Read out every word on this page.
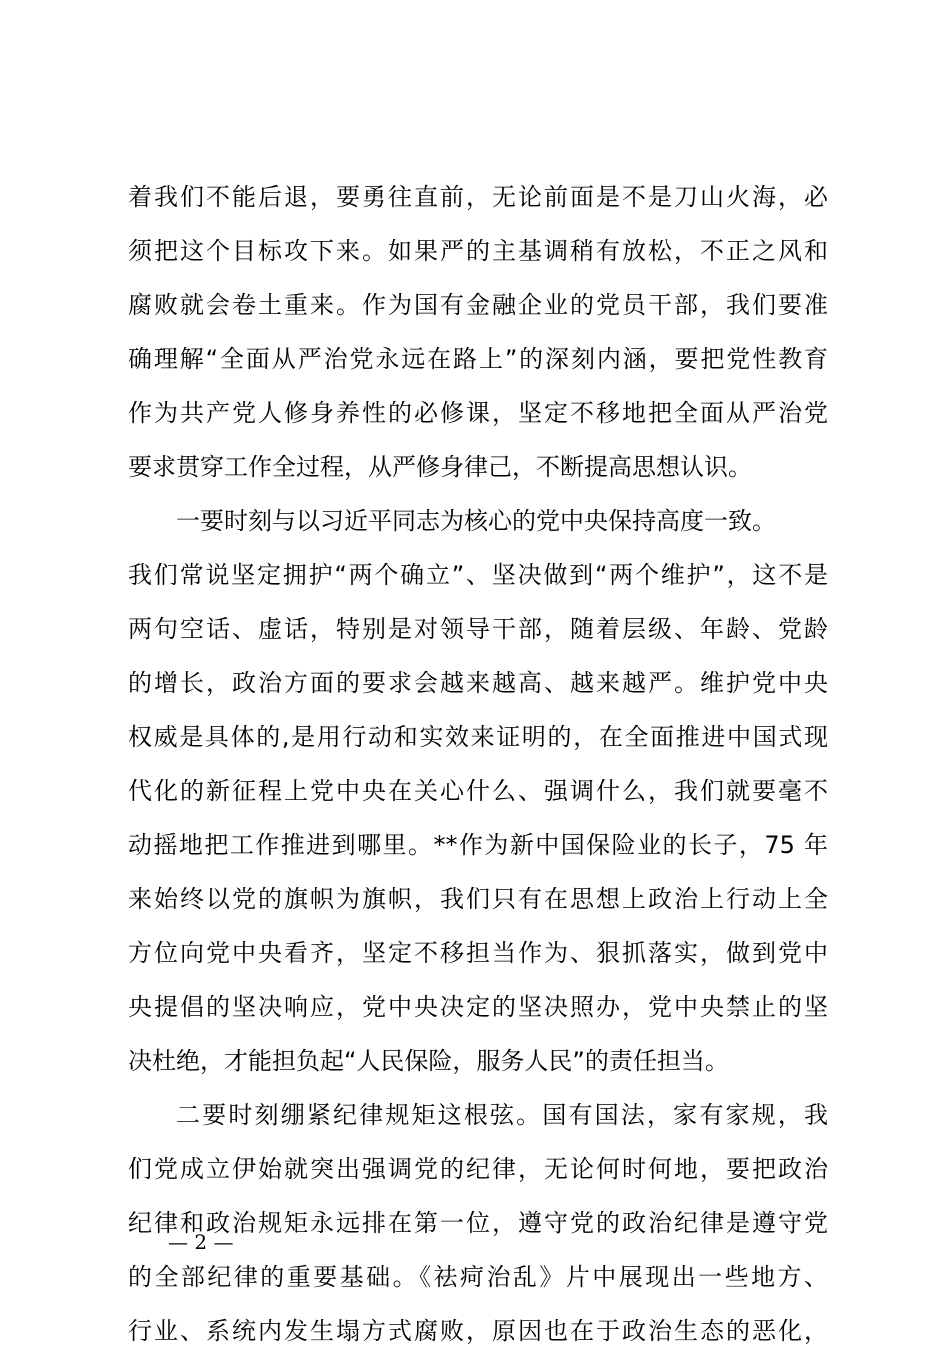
着我们不能后退，要勇往直前，无论前面是不是刀山火海，必
须把这个目标攻下来。如果严的主基调稍有放松，不正之风和
腐败就会卷土重来。作为国有金融企业的党员干部，我们要准
确理解“全面从严治党永远在路上”的深刻内涵，要把党性教育
作为共产党人修身养性的必修课，坚定不移地把全面从严治党
要求贯穿工作全过程，从严修身律己，不断提高思想认识。
一要时刻与以习近平同志为核心的党中央保持高度一致。
我们常说坚定拥护“两个确立”、坚决做到“两个维护”，这不是
两句空话、虚话，特别是对领导干部，随着层级、年龄、党龄
的增长，政治方面的要求会越来越高、越来越严。维护党中央
权威是具体的,是用行动和实效来证明的，在全面推进中国式现
代化的新征程上党中央在关心什么、强调什么，我们就要毫不
动摇地把工作推进到哪里。**作为新中国保险业的长子，75 年
来始终以党的旗帜为旗帜，我们只有在思想上政治上行动上全
方位向党中央看齐，坚定不移担当作为、狠抓落实，做到党中
央提倡的坚决响应，党中央决定的坚决照办，党中央禁止的坚
决杜绝，才能担负起“人民保险，服务人民”的责任担当。
二要时刻绷紧纪律规矩这根弦。国有国法，家有家规，我
们党成立伊始就突出强调党的纪律，无论何时何地，要把政治
纪律和政治规矩永远排在第一位，遵守党的政治纪律是遵守党
的全部纪律的重要基础。《祛疴治乱》片中展现出一些地方、
行业、系统内发生塌方式腐败，原因也在于政治生态的恶化，
— 2 —
